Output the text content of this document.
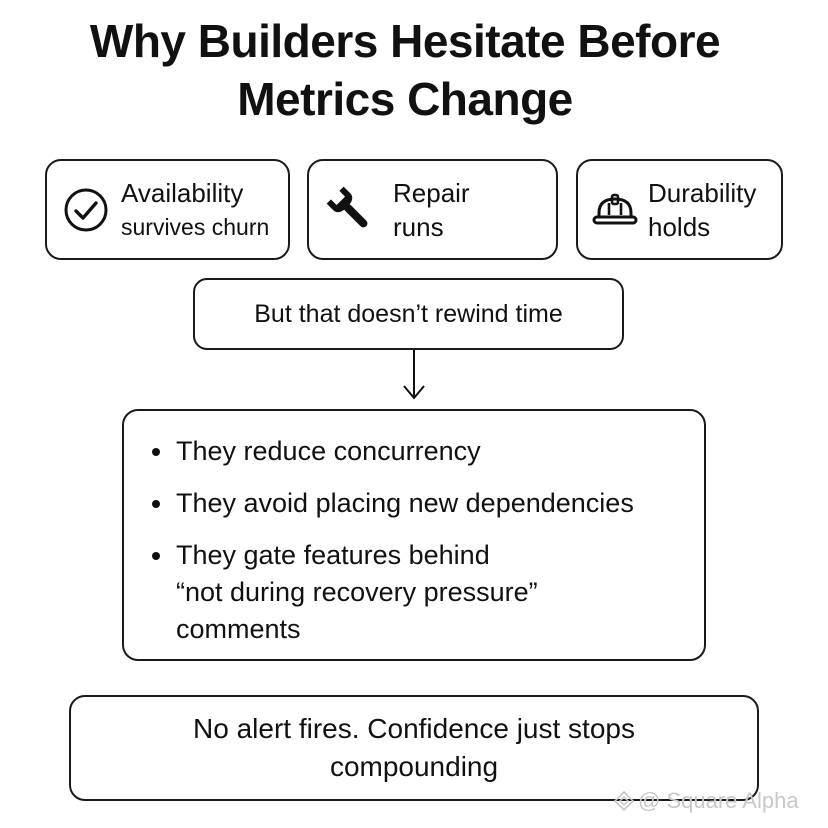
Why Builders Hesitate Before
Metrics Change
Availability
survives churn
Repair
runs
Durability
holds
But that doesn’t rewind time
They reduce concurrency
They avoid placing new dependencies
They gate features behind
“not during recovery pressure”
comments
No alert fires. Confidence just stops
compounding
@ Square Alpha
